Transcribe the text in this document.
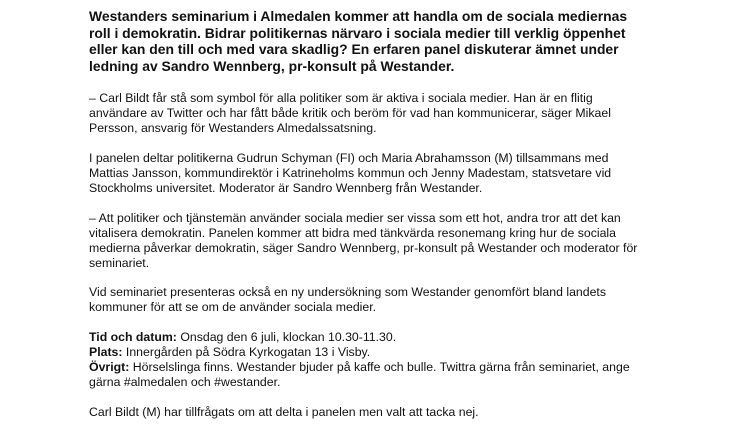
Westanders seminarium i Almedalen kommer att handla om de sociala mediernas roll i demokratin. Bidrar politikernas närvaro i sociala medier till verklig öppenhet eller kan den till och med vara skadlig? En erfaren panel diskuterar ämnet under ledning av Sandro Wennberg, pr-konsult på Westander.

– Carl Bildt får stå som symbol för alla politiker som är aktiva i sociala medier. Han är en flitig användare av Twitter och har fått både kritik och beröm för vad han kommunicerar, säger Mikael Persson, ansvarig för Westanders Almedalssatsning.

I panelen deltar politikerna Gudrun Schyman (FI) och Maria Abrahamsson (M) tillsammans med Mattias Jansson, kommundirektör i Katrineholms kommun och Jenny Madestam, statsvetare vid Stockholms universitet. Moderator är Sandro Wennberg från Westander.

– Att politiker och tjänstemän använder sociala medier ser vissa som ett hot, andra tror att det kan vitalisera demokratin. Panelen kommer att bidra med tänkvärda resonemang kring hur de sociala medierna påverkar demokratin, säger Sandro Wennberg, pr-konsult på Westander och moderator för seminariet.

Vid seminariet presenteras också en ny undersökning som Westander genomfört bland landets kommuner för att se om de använder sociala medier.

Tid och datum: Onsdag den 6 juli, klockan 10.30-11.30.
Plats: Innergården på Södra Kyrkogatan 13 i Visby.
Övrigt: Hörselslinga finns. Westander bjuder på kaffe och bulle. Twittra gärna från seminariet, ange gärna #almedalen och #westander.

Carl Bildt (M) har tillfrågats om att delta i panelen men valt att tacka nej.
